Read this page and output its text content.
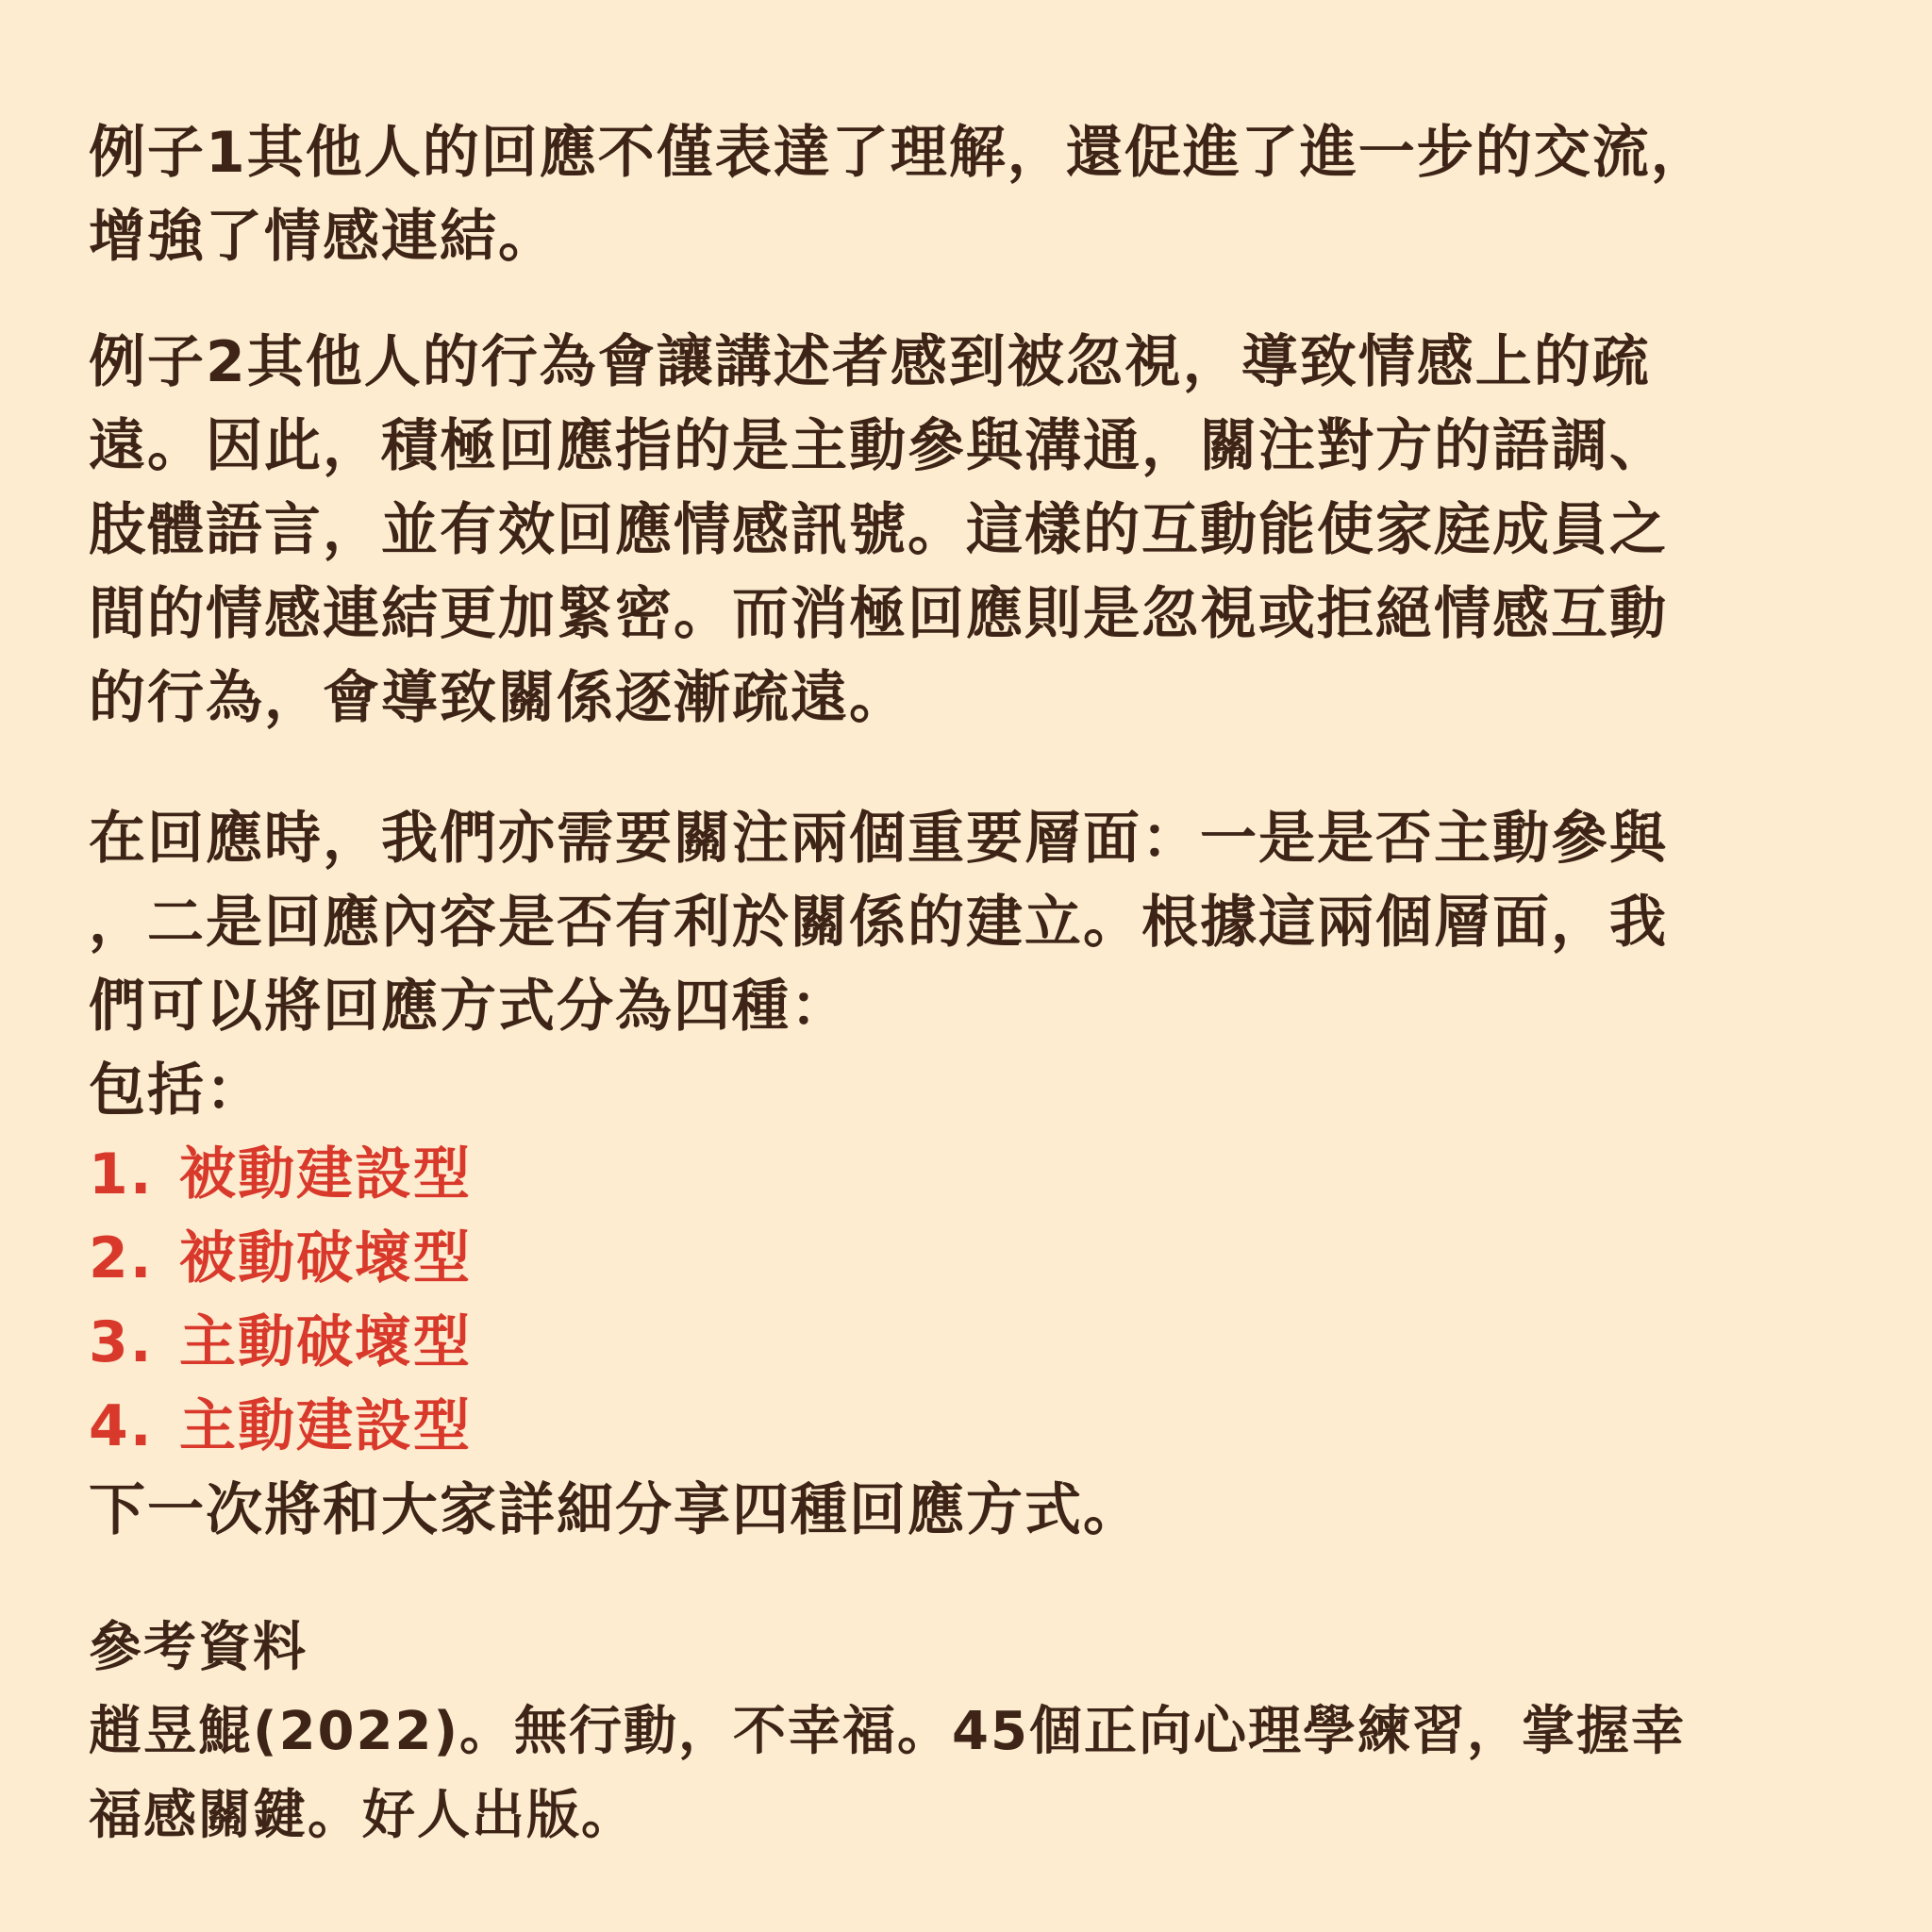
例子1其他人的回應不僅表達了理解，還促進了進一步的交流，
增強了情感連結。

例子2其他人的行為會讓講述者感到被忽視，導致情感上的疏
遠。因此，積極回應指的是主動參與溝通，關注對方的語調、
肢體語言，並有效回應情感訊號。這樣的互動能使家庭成員之
間的情感連結更加緊密。而消極回應則是忽視或拒絕情感互動
的行為，會導致關係逐漸疏遠。

在回應時，我們亦需要關注兩個重要層面：一是是否主動參與
，二是回應內容是否有利於關係的建立。根據這兩個層面，我
們可以將回應方式分為四種：
包括：

1. 被動建設型
2. 被動破壞型
3. 主動破壞型
4. 主動建設型

下一次將和大家詳細分享四種回應方式。

參考資料
趙昱鯤(2022)。無行動，不幸福。45個正向心理學練習，掌握幸
福感關鍵。好人出版。
